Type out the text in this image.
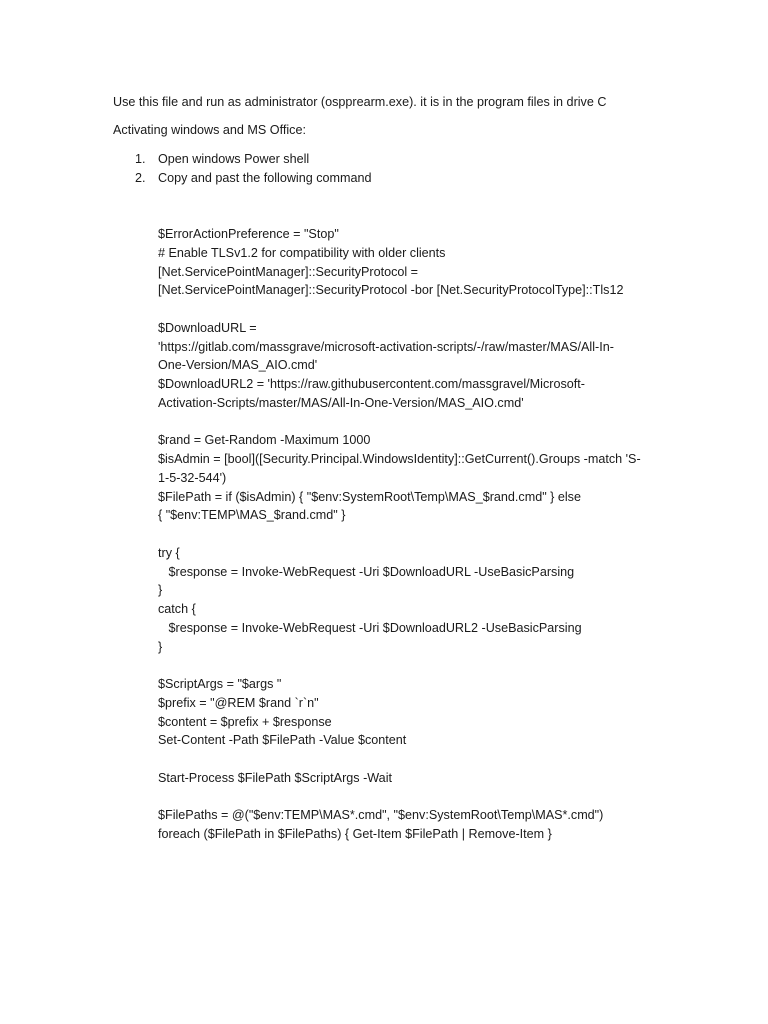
Use this file and run as administrator (ospprearm.exe). it is in the program files in drive C
Activating windows and MS Office:
1. Open windows Power shell
2. Copy and past the following command
$ErrorActionPreference = "Stop"
# Enable TLSv1.2 for compatibility with older clients
[Net.ServicePointManager]::SecurityProtocol =
[Net.ServicePointManager]::SecurityProtocol -bor [Net.SecurityProtocolType]::Tls12
$DownloadURL =
'https://gitlab.com/massgrave/microsoft-activation-scripts/-/raw/master/MAS/All-In-
One-Version/MAS_AIO.cmd'
$DownloadURL2 = 'https://raw.githubusercontent.com/massgravel/Microsoft-
Activation-Scripts/master/MAS/All-In-One-Version/MAS_AIO.cmd'
$rand = Get-Random -Maximum 1000
$isAdmin = [bool]([Security.Principal.WindowsIdentity]::GetCurrent().Groups -match 'S-
1-5-32-544')
$FilePath = if ($isAdmin) { "$env:SystemRoot\Temp\MAS_$rand.cmd" } else
{ "$env:TEMP\MAS_$rand.cmd" }
try {
$response = Invoke-WebRequest -Uri $DownloadURL -UseBasicParsing
}
catch {
$response = Invoke-WebRequest -Uri $DownloadURL2 -UseBasicParsing
}
$ScriptArgs = "$args "
$prefix = "@REM $rand `r`n"
$content = $prefix + $response
Set-Content -Path $FilePath -Value $content
Start-Process $FilePath $ScriptArgs -Wait
$FilePaths = @("$env:TEMP\MAS*.cmd", "$env:SystemRoot\Temp\MAS*.cmd")
foreach ($FilePath in $FilePaths) { Get-Item $FilePath | Remove-Item }
